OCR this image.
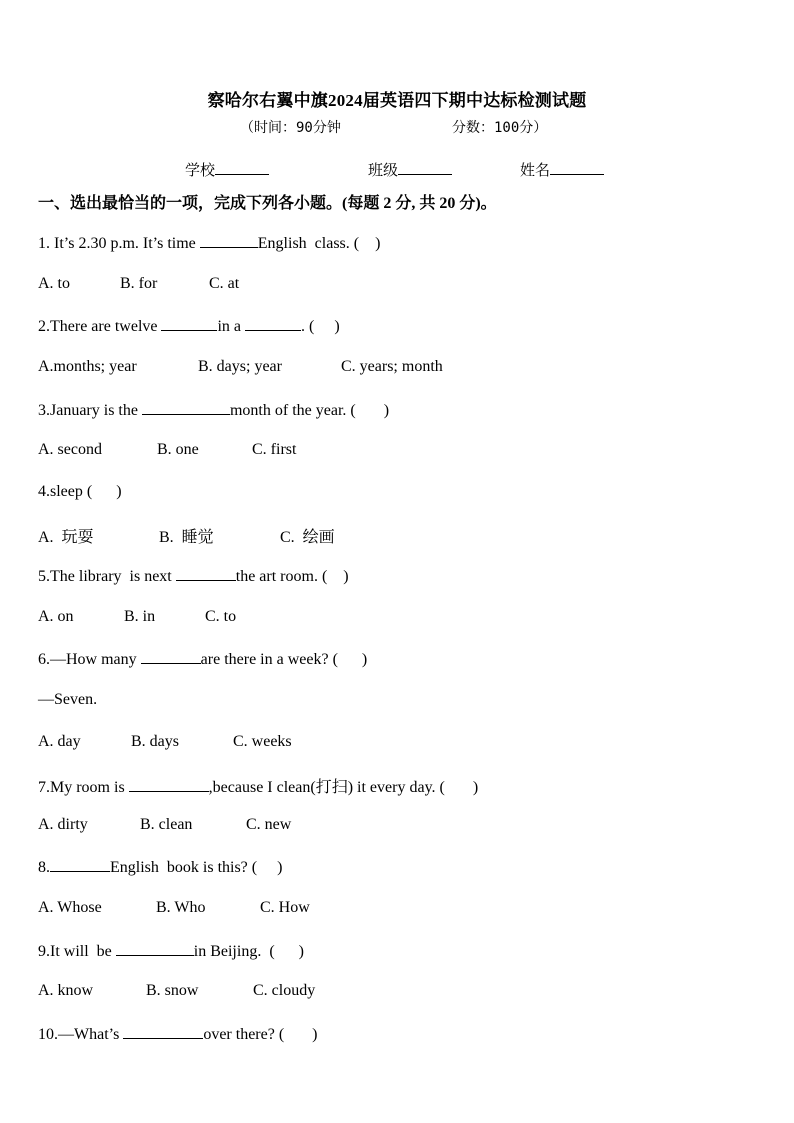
察哈尔右翼中旗2024届英语四下期中达标检测试题
（时间：90分钟	分数：100分）
学校	班级	姓名
一、选出最恰当的一项，完成下列各小题。(每题 2 分, 共 20 分)。
1. It’s 2.30 p.m. It’s time	English  class. (    )
A. to	B. for	C. at
2.There are twelve	in a	. (     )
A.months; year	B. days; year	C. years; month
3.January is the	month of the year. (       )
A. second	B. one	C. first
4.sleep (      )
A.  玩耍	B.  睡觉	C.  绘画
5.The library  is next	the art room. (    )
A. on	B. in	C. to
6.—How many	are there in a week? (      )
—Seven.
A. day	B. days	C. weeks
7.My room is	,because I clean(打扫) it every day. (       )
A. dirty	B. clean	C. new
8.	English  book is this? (     )
A. Whose	B. Who	C. How
9.It will  be	in Beijing.  (      )
A. know	B. snow	C. cloudy
10.—What’s	over there? (       )
